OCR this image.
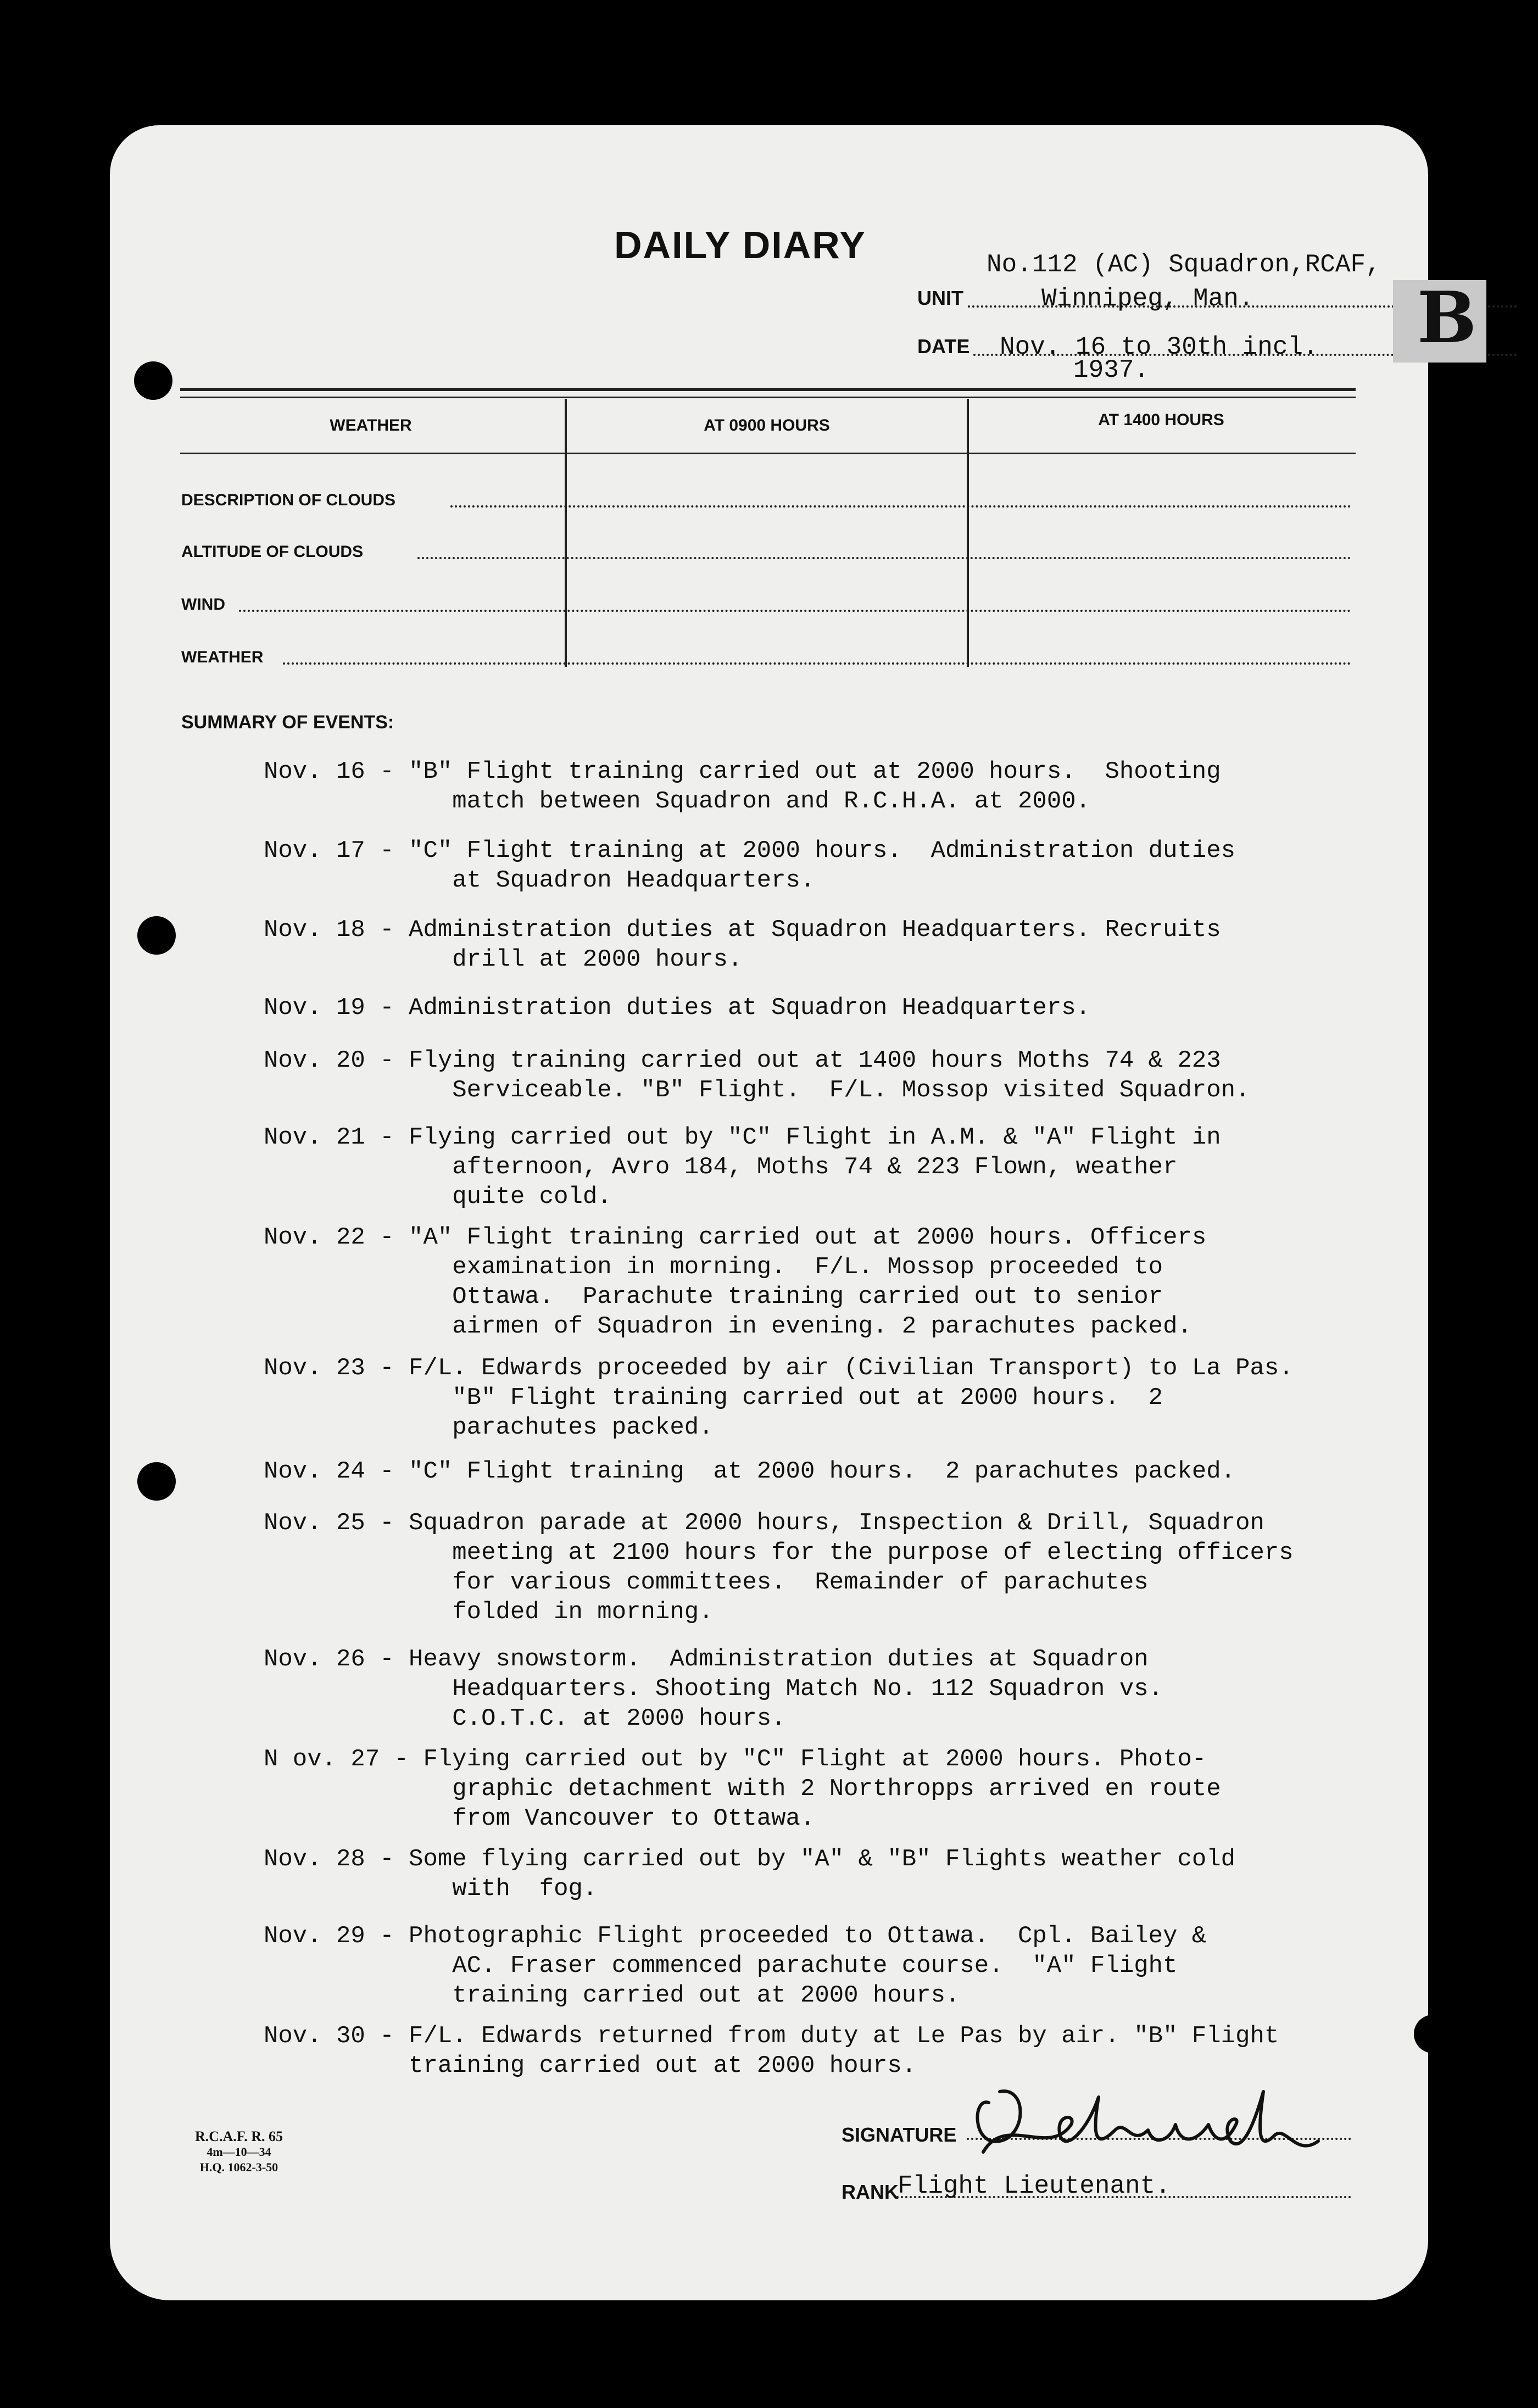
DAILY DIARY	No.112 (AC) Squadron,RCAF,
UNIT	Winnipeg, Man.
DATE Nov. 16 to 30th incl.
1937.
WEATHER	AT 0900 HOURS	AT 1400 HOURS
DESCRIPTION OF CLOUDS
ALTITUDE OF CLOUDS
WIND
WEATHER
SUMMARY OF EVENTS:
Nov. 16 - "B" Flight training carried out at 2000 hours.  Shooting
match between Squadron and R.C.H.A. at 2000.
Nov. 17 - "C" Flight training at 2000 hours.  Administration duties
at Squadron Headquarters.
Nov. 18 - Administration duties at Squadron Headquarters. Recruits
drill at 2000 hours.
Nov. 19 - Administration duties at Squadron Headquarters.
Nov. 20 - Flying training carried out at 1400 hours Moths 74 & 223
Serviceable. "B" Flight.  F/L. Mossop visited Squadron.
Nov. 21 - Flying carried out by "C" Flight in A.M. & "A" Flight in
afternoon, Avro 184, Moths 74 & 223 Flown, weather
quite cold.
Nov. 22 - "A" Flight training carried out at 2000 hours. Officers
examination in morning.  F/L. Mossop proceeded to
Ottawa.  Parachute training carried out to senior
airmen of Squadron in evening. 2 parachutes packed.
Nov. 23 - F/L. Edwards proceeded by air (Civilian Transport) to La Pas.
"B" Flight training carried out at 2000 hours.  2
parachutes packed.
Nov. 24 - "C" Flight training  at 2000 hours.  2 parachutes packed.
Nov. 25 - Squadron parade at 2000 hours, Inspection & Drill, Squadron
meeting at 2100 hours for the purpose of electing officers
for various committees.  Remainder of parachutes
folded in morning.
Nov. 26 - Heavy snowstorm.  Administration duties at Squadron
Headquarters. Shooting Match No. 112 Squadron vs.
C.O.T.C. at 2000 hours.
N ov. 27 - Flying carried out by "C" Flight at 2000 hours. Photo-
graphic detachment with 2 Northropps arrived en route
from Vancouver to Ottawa.
Nov. 28 - Some flying carried out by "A" & "B" Flights weather cold
with  fog.
Nov. 29 - Photographic Flight proceeded to Ottawa.  Cpl. Bailey &
AC. Fraser commenced parachute course.  "A" Flight
training carried out at 2000 hours.
Nov. 30 - F/L. Edwards returned from duty at Le Pas by air. "B" Flight
training carried out at 2000 hours.
R.C.A.F. R. 65
4m—10—34
H.Q. 1062-3-50
SIGNATURE
RANK
Flight Lieutenant.
B
